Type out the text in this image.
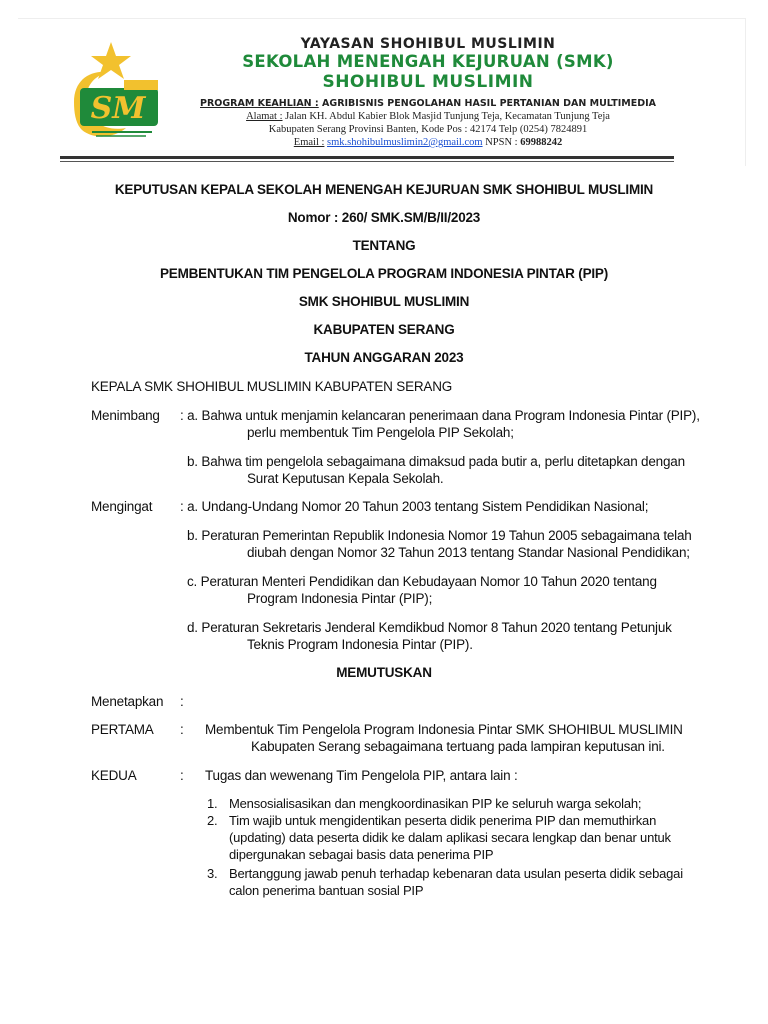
SM
YAYASAN SHOHIBUL MUSLIMIN
SEKOLAH MENENGAH KEJURUAN (SMK)
SHOHIBUL MUSLIMIN
PROGRAM KEAHLIAN : AGRIBISNIS PENGOLAHAN HASIL PERTANIAN DAN MULTIMEDIA
Alamat : Jalan KH. Abdul Kabier Blok Masjid Tunjung Teja, Kecamatan Tunjung Teja
Kabupaten Serang Provinsi Banten, Kode Pos : 42174 Telp (0254) 7824891
Email : smk.shohibulmuslimin2@gmail.com NPSN : 69988242
KEPUTUSAN KEPALA SEKOLAH MENENGAH KEJURUAN SMK SHOHIBUL MUSLIMIN
Nomor : 260/ SMK.SM/B/II/2023
TENTANG
PEMBENTUKAN TIM PENGELOLA PROGRAM INDONESIA PINTAR (PIP)
SMK SHOHIBUL MUSLIMIN
KABUPATEN SERANG
TAHUN ANGGARAN 2023
KEPALA SMK SHOHIBUL MUSLIMIN KABUPATEN SERANG
Menimbang : a. Bahwa untuk menjamin kelancaran penerimaan dana Program Indonesia Pintar (PIP),
perlu membentuk Tim Pengelola PIP Sekolah;
b. Bahwa tim pengelola sebagaimana dimaksud pada butir a, perlu ditetapkan dengan
Surat Keputusan Kepala Sekolah.
Mengingat : a. Undang-Undang Nomor 20 Tahun 2003 tentang Sistem Pendidikan Nasional;
b. Peraturan Pemerintan Republik Indonesia Nomor 19 Tahun 2005 sebagaimana telah
diubah dengan Nomor 32 Tahun 2013 tentang Standar Nasional Pendidikan;
c. Peraturan Menteri Pendidikan dan Kebudayaan Nomor 10 Tahun 2020 tentang
Program Indonesia Pintar (PIP);
d. Peraturan Sekretaris Jenderal Kemdikbud Nomor 8 Tahun 2020 tentang Petunjuk
Teknis Program Indonesia Pintar (PIP).
MEMUTUSKAN
Menetapkan :
PERTAMA : Membentuk Tim Pengelola Program Indonesia Pintar SMK SHOHIBUL MUSLIMIN
Kabupaten Serang sebagaimana tertuang pada lampiran keputusan ini.
KEDUA	: Tugas dan wewenang Tim Pengelola PIP, antara lain :
1. Mensosialisasikan dan mengkoordinasikan PIP ke seluruh warga sekolah;
2. Tim wajib untuk mengidentikan peserta didik penerima PIP dan memuthirkan
(updating) data peserta didik ke dalam aplikasi secara lengkap dan benar untuk
dipergunakan sebagai basis data penerima PIP
3. Bertanggung jawab penuh terhadap kebenaran data usulan peserta didik sebagai
calon penerima bantuan sosial PIP
